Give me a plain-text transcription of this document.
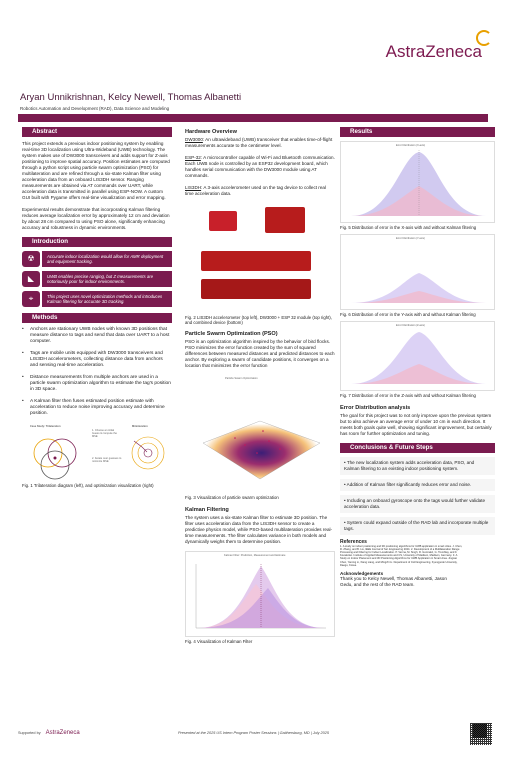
AstraZeneca
Aryan Unnikrishnan, Kelcy Newell, Thomas Albanetti
Robotics Automation and Development (RAD), Data Science and Modeling
Abstract

This project extends a previous indoor positioning system by enabling real-time 3D localization using Ultra-Wideband (UWB) technology. The system makes use of DW3000 transceivers and adds support for Z-axis positioning to improve spatial accuracy. Position estimates are computed through a python script using particle swarm optimization (PSO) for multilateration and are refined through a six-state Kalman filter using acceleration data from an onboard LIS3DH sensor. Ranging measurements are obtained via AT commands over UART, while acceleration data is transmitted in parallel using ESP-NOW. A custom GUI built with Pygame offers real-time visualization and error mapping.

Experimental results demonstrate that incorporating Kalman filtering reduces average localization error by approximately 12 cm and deviation by about 28 cm compared to using PSO alone, significantly enhancing accuracy and robustness in dynamic environments.

Introduction
☢	Accurate indoor localization would allow for AMR deployment and equipment tracking.
◣	UWB enables precise ranging, but Z measurements are notoriously poor for indoor environments.
⌖	This project uses novel optimization methods and introduces Kalman filtering for accurate 3D tracking.
Methods
• Anchors are stationary UWB nodes with known 3D positions that measure distance to tags and send that data over UART to a host computer.
• Tags are mobile units equipped with DW3000 transceivers and LIS3DH accelerometers, collecting distance data from anchors and sensing real-time acceleration.
• Distance measurements from multiple anchors are used in a particle swarm optimization algorithm to estimate the tag's position in 3D space.
• A Kalman filter then fuses estimated position estimate with acceleration to reduce noise improving accuracy and determine position.
Case Study: Trilateration
1. Choose an initial Guess & compute the MSE
2. Iterate over guesses to minimize MSE
Minimization
Fig. 1 Trilateration diagram (left), and optimization visualization (right)
Hardware Overview

DW3000: An ultrawideband (UWB) transceiver that enables time-of-flight measurements accurate to the centimeter level.

ESP-32: A microcontroller capable of Wi-Fi and Bluetooth communication. Each UWB node is controlled by an ESP32 development board, which handles serial communication with the DW3000 module using AT commands.

LIS3DH: A 3-axis accelerometer used on the tag device to collect real time acceleration data.

Fig. 2 LIS3DH accelerometer (top left), DW3000 + ESP 32 module (top right), and combined device (bottom)
Particle Swarm Optimization (PSO)
PSO is an optimization algorithm inspired by the behavior of bird flocks. PSO minimizes the error function created by the sum of squared differences between measured distances and predicted distances to each anchor. By exploring a swarm of candidate positions, it converges on a location that minimizes the error function
Particle Swarm Optimization
Fig. 3 Visualization of particle swarm optimization
Kalman Filtering
The system uses a six-state Kalman filter to estimate 3D position. The filter uses acceleration data from the LIS3DH sensor to create a predictive physics model, while PSO-based multilateration provides real-time measurements. The filter calculates variance in both models and dynamically weighs them to determine position.
Kalman Filter: Prediction, Measurement and Estimate
Fig. 4 Visualization of Kalman Filter
Results
Error Distribution (X-axis)
Fig. 5 Distribution of error in the X-axis with and without Kalman filtering
Error Distribution (Y-axis)
Fig. 6 Distribution of error in the Y-axis with and without Kalman filtering
Error Distribution (Z-axis)
Fig. 7 Distribution of error in the Z-axis with and without Kalman filtering
Error Distribution analysis
The goal for this project was to not only improve upon the previous system but to also achieve an average error of under 10 cm in each direction. It meets both goals quite well, showing significant improvement, but certainly has room for further optimization and tuning.
Conclusions & Future Steps
• The new localization system adds acceleration data, PSO, and Kalman filtering to an existing indoor positioning system.
• Addition of Kalman filter significantly reduces error and noise.
• Including an onboard gyroscope onto the tags would further validate acceleration data.
• System could expand outside of the RAD lab and incorporate multiple tags.
References
1. A study on indoor positioning and 3D positioning algorithms for UWB application in smart cities. J. Chen, R. Zhang, and B. Liu, IEEE Journal of Sel. Engineering 2024. 2. Development of a Multilateration Range Processing and Filtering for Indoor Localization. P. Verma, M. Singh, R. Gonzalez, G. Tremblay, and F. Kovalenko. Institute of Applied Measurements and CS, University of Madison, Madison, Germany. 3. A Study on Indoor Placement and 3D Positioning Algorithms for UWB Application in Smart Area. Jingwei Chen, Yaming Li, Xiang Liang, and Mingzhi Li. Department of Civil Engineering, Kyungpook University, Daegu, Korea.
Acknowledgements
Thank you to Kelcy Newell, Thomas Albanetti, Jason Gedu, and the rest of the RAD team.
Supported by AstraZeneca	Presented at the 2025 US Intern Program Poster Sessions | Gaithersburg, MD | July 2025
